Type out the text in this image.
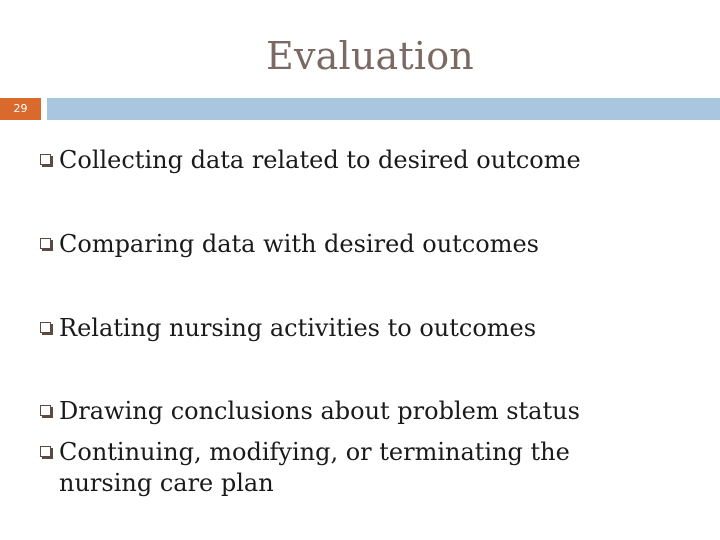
Evaluation
29
Collecting data related to desired outcome
Comparing data with desired outcomes
Relating nursing activities to outcomes
Drawing conclusions about problem status
Continuing, modifying, or terminating the nursing care plan
